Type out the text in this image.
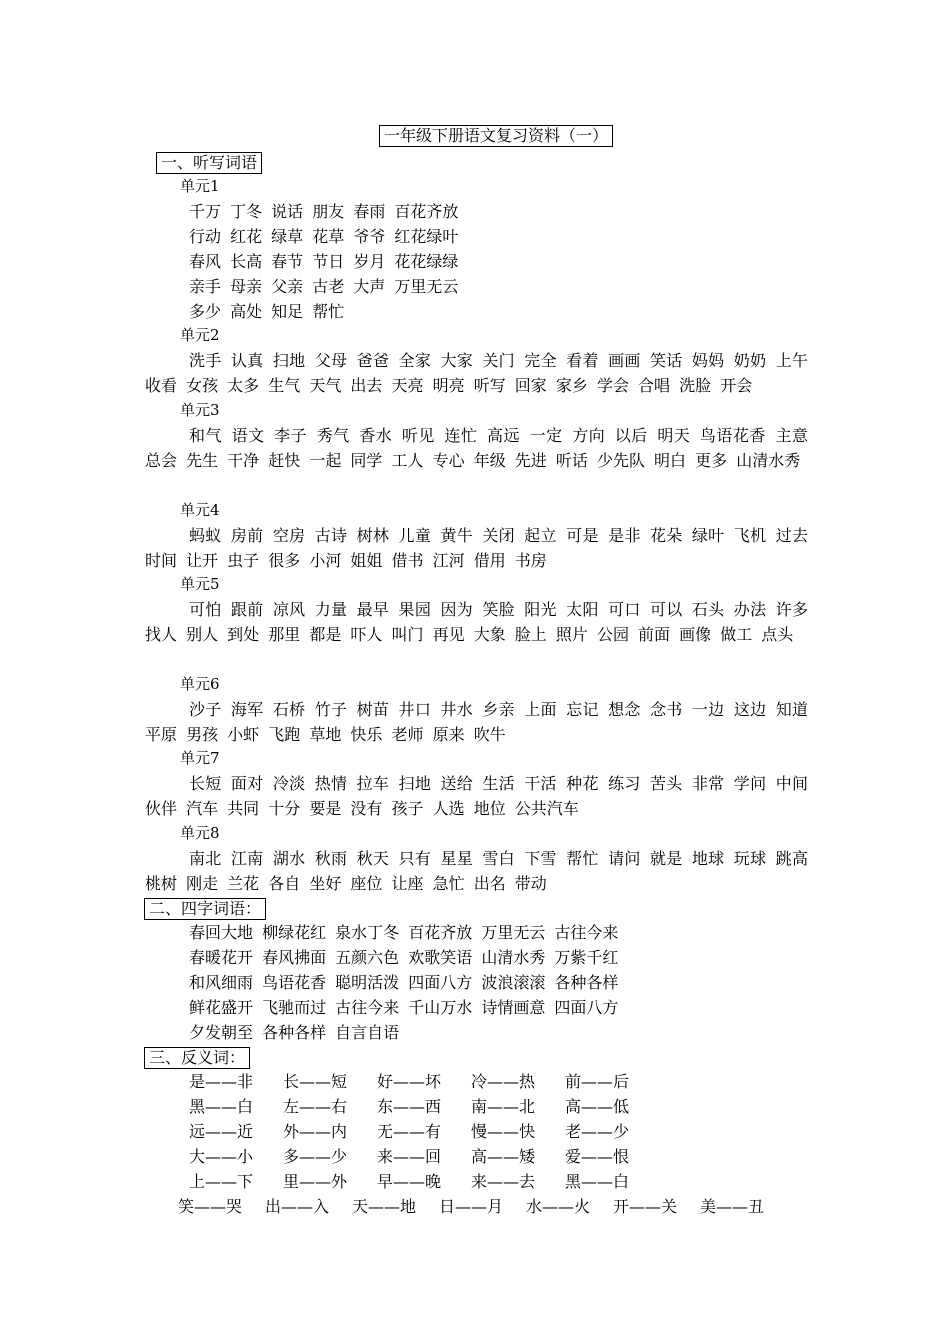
一年级下册语文复习资料（一）
一、听写词语
单元1
千万 丁冬 说话 朋友 春雨 百花齐放
行动 红花 绿草 花草 爷爷 红花绿叶
春风 长高 春节 节日 岁月 花花绿绿
亲手 母亲 父亲 古老 大声 万里无云
多少 高处 知足 帮忙
单元2
洗手 认真 扫地 父母 爸爸 全家 大家 关门 完全 看着 画画 笑话 妈妈 奶奶 上午 收看 女孩 太多 生气 天气 出去 天亮 明亮 听写 回家 家乡 学会 合唱 洗脸 开会
单元3
和气 语文 李子 秀气 香水 听见 连忙 高远 一定 方向 以后 明天 鸟语花香 主意 总会 先生 干净 赶快 一起 同学 工人 专心 年级 先进 听话 少先队 明白 更多 山清水秀
单元4
蚂蚁 房前 空房 古诗 树林 儿童 黄牛 关闭 起立 可是 是非 花朵 绿叶 飞机 过去 时间 让开 虫子 很多 小河 姐姐 借书 江河 借用 书房
单元5
可怕 跟前 凉风 力量 最早 果园 因为 笑脸 阳光 太阳 可口 可以 石头 办法 许多 找人 别人 到处 那里 都是 吓人 叫门 再见 大象 脸上 照片 公园 前面 画像 做工 点头
单元6
沙子 海军 石桥 竹子 树苗 井口 井水 乡亲 上面 忘记 想念 念书 一边 这边 知道 平原 男孩 小虾 飞跑 草地 快乐 老师 原来 吹牛
单元7
长短 面对 冷淡 热情 拉车 扫地 送给 生活 干活 种花 练习 苦头 非常 学问 中间 伙伴 汽车 共同 十分 要是 没有 孩子 人选 地位 公共汽车
单元8
南北 江南 湖水 秋雨 秋天 只有 星星 雪白 下雪 帮忙 请问 就是 地球 玩球 跳高 桃树 刚走 兰花 各自 坐好 座位 让座 急忙 出名 带动
二、四字词语：
春回大地 柳绿花红 泉水丁冬 百花齐放 万里无云 古往今来
春暖花开 春风拂面 五颜六色 欢歌笑语 山清水秀 万紫千红
和风细雨 鸟语花香 聪明活泼 四面八方 波浪滚滚 各种各样
鲜花盛开 飞驰而过 古往今来 千山万水 诗情画意 四面八方
夕发朝至 各种各样 自言自语
三、反义词：
是——非 长——短 好——坏 冷——热 前——后
黑——白 左——右 东——西 南——北 高——低
远——近 外——内 无——有 慢——快 老——少
大——小 多——少 来——回 高——矮 爱——恨
上——下 里——外 早——晚 来——去 黑——白
笑——哭 出——入 天——地 日——月 水——火 开——关 美——丑
